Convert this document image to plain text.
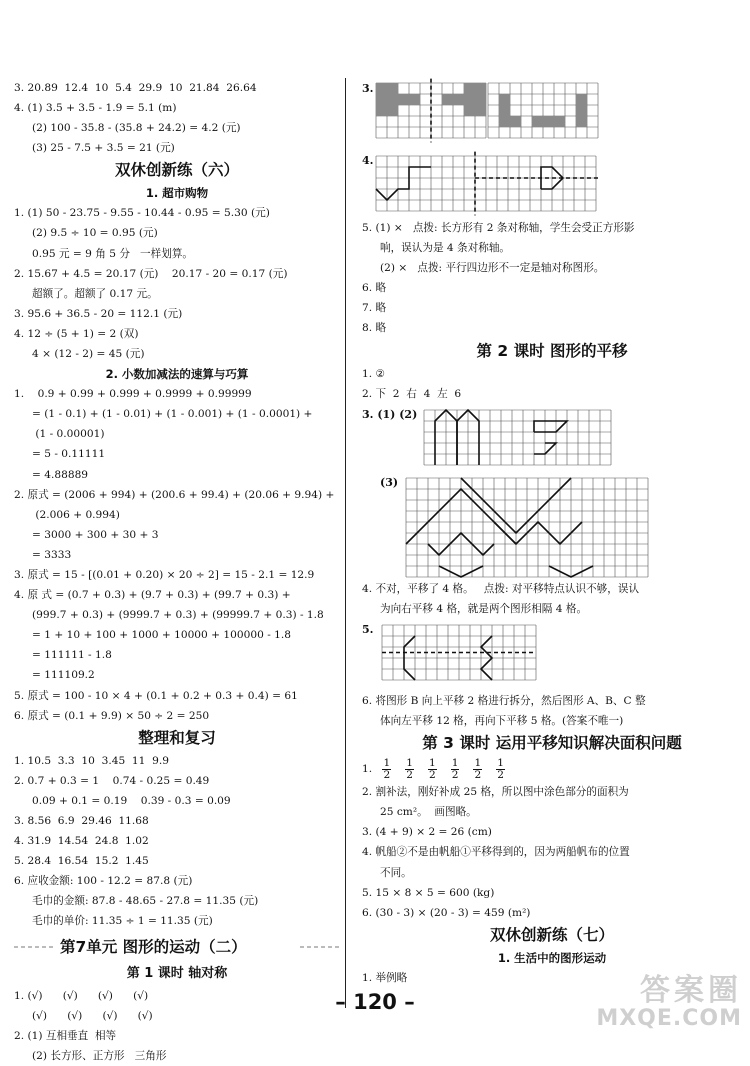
3. 20.89  12.4  10  5.4  29.9  10  21.84  26.64
4. (1) 3.5 + 3.5 - 1.9 = 5.1 (m)
(2) 100 - 35.8 - (35.8 + 24.2) = 4.2 (元)
(3) 25 - 7.5 + 3.5 = 21 (元)
双休创新练（六）
1. 超市购物
1. (1) 50 - 23.75 - 9.55 - 10.44 - 0.95 = 5.30 (元)
(2) 9.5 ÷ 10 = 0.95 (元)
0.95 元 = 9 角 5 分   一样划算。
2. 15.67 + 4.5 = 20.17 (元)    20.17 - 20 = 0.17 (元)
超额了。超额了 0.17 元。
3. 95.6 + 36.5 - 20 = 112.1 (元)
4. 12 ÷ (5 + 1) = 2 (双)
4 × (12 - 2) = 45 (元)
2. 小数加减法的速算与巧算
1.    0.9 + 0.99 + 0.999 + 0.9999 + 0.99999
= (1 - 0.1) + (1 - 0.01) + (1 - 0.001) + (1 - 0.0001) +
(1 - 0.00001)
= 5 - 0.11111
= 4.88889
2. 原式 = (2006 + 994) + (200.6 + 99.4) + (20.06 + 9.94) +
(2.006 + 0.994)
= 3000 + 300 + 30 + 3
= 3333
3. 原式 = 15 - [(0.01 + 0.20) × 20 ÷ 2] = 15 - 2.1 = 12.9
4. 原 式 = (0.7 + 0.3) + (9.7 + 0.3) + (99.7 + 0.3) +
(999.7 + 0.3) + (9999.7 + 0.3) + (99999.7 + 0.3) - 1.8
= 1 + 10 + 100 + 1000 + 10000 + 100000 - 1.8
= 111111 - 1.8
= 111109.2
5. 原式 = 100 - 10 × 4 + (0.1 + 0.2 + 0.3 + 0.4) = 61
6. 原式 = (0.1 + 9.9) × 50 ÷ 2 = 250
整理和复习
1. 10.5  3.3  10  3.45  11  9.9
2. 0.7 + 0.3 = 1    0.74 - 0.25 = 0.49
0.09 + 0.1 = 0.19    0.39 - 0.3 = 0.09
3. 8.56  6.9  29.46  11.68
4. 31.9  14.54  24.8  1.02
5. 28.4  16.54  15.2  1.45
6. 应收金额: 100 - 12.2 = 87.8 (元)
毛巾的金额: 87.8 - 48.65 - 27.8 = 11.35 (元)
毛巾的单价: 11.35 ÷ 1 = 11.35 (元)
第7单元 图形的运动（二）
第 1 课时 轴对称
1. (√)      (√)      (√)      (√)
(√)      (√)      (√)      (√)
2. (1) 互相垂直  相等
(2) 长方形、正方形   三角形
3.
4.
5. (1) ×   点拨: 长方形有 2 条对称轴，学生会受正方形影
响，误认为是 4 条对称轴。
(2) ×   点拨: 平行四边形不一定是轴对称图形。
6. 略
7. 略
8. 略
第 2 课时 图形的平移
1. ②
2. 下  2  右  4  左  6
3. (1) (2)
(3)
4. 不对，平移了 4 格。   点拨: 对平移特点认识不够，误认
为向右平移 4 格，就是两个图形相隔 4 格。
5.
6. 将图形 B 向上平移 2 格进行拆分，然后图形 A、B、C 整
体向左平移 12 格，再向下平移 5 格。(答案不唯一)
第 3 课时 运用平移知识解决面积问题
1. $\frac{1}{2} \frac{1}{2} \frac{1}{2} \frac{1}{2} \frac{1}{2} \frac{1}{2}$
2. 割补法，刚好补成 25 格，所以图中涂色部分的面积为
25 cm²。  画图略。
3. (4 + 9) × 2 = 26 (cm)
4. 帆船②不是由帆船①平移得到的，因为两船帆布的位置
不同。
5. 15 × 8 × 5 = 600 (kg)
6. (30 - 3) × (20 - 3) = 459 (m²)
双休创新练（七）
1. 生活中的图形运动
1. 举例略
– 120 –	答案圈
MXQE.COM
